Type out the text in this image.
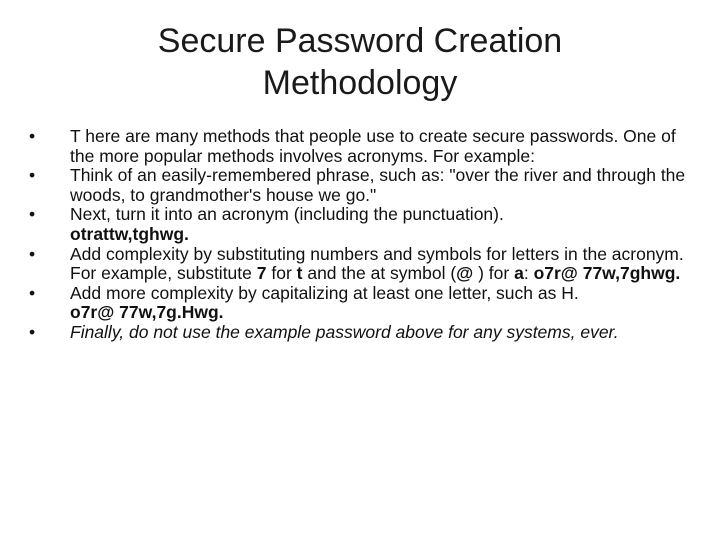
Secure Password Creation
Methodology
• T here are many methods that people use to create secure passwords. One of the more popular methods involves acronyms. For example:
• Think of an easily-remembered phrase, such as: "over the river and through the woods, to grandmother's house we go."
• Next, turn it into an acronym (including the punctuation).
otrattw,tghwg.
• Add complexity by substituting numbers and symbols for letters in the acronym. For example, substitute 7 for t and the at symbol (@ ) for a: o7r@ 77w,7ghwg.
• Add more complexity by capitalizing at least one letter, such as H.
o7r@ 77w,7g.Hwg.
• Finally, do not use the example password above for any systems, ever.
